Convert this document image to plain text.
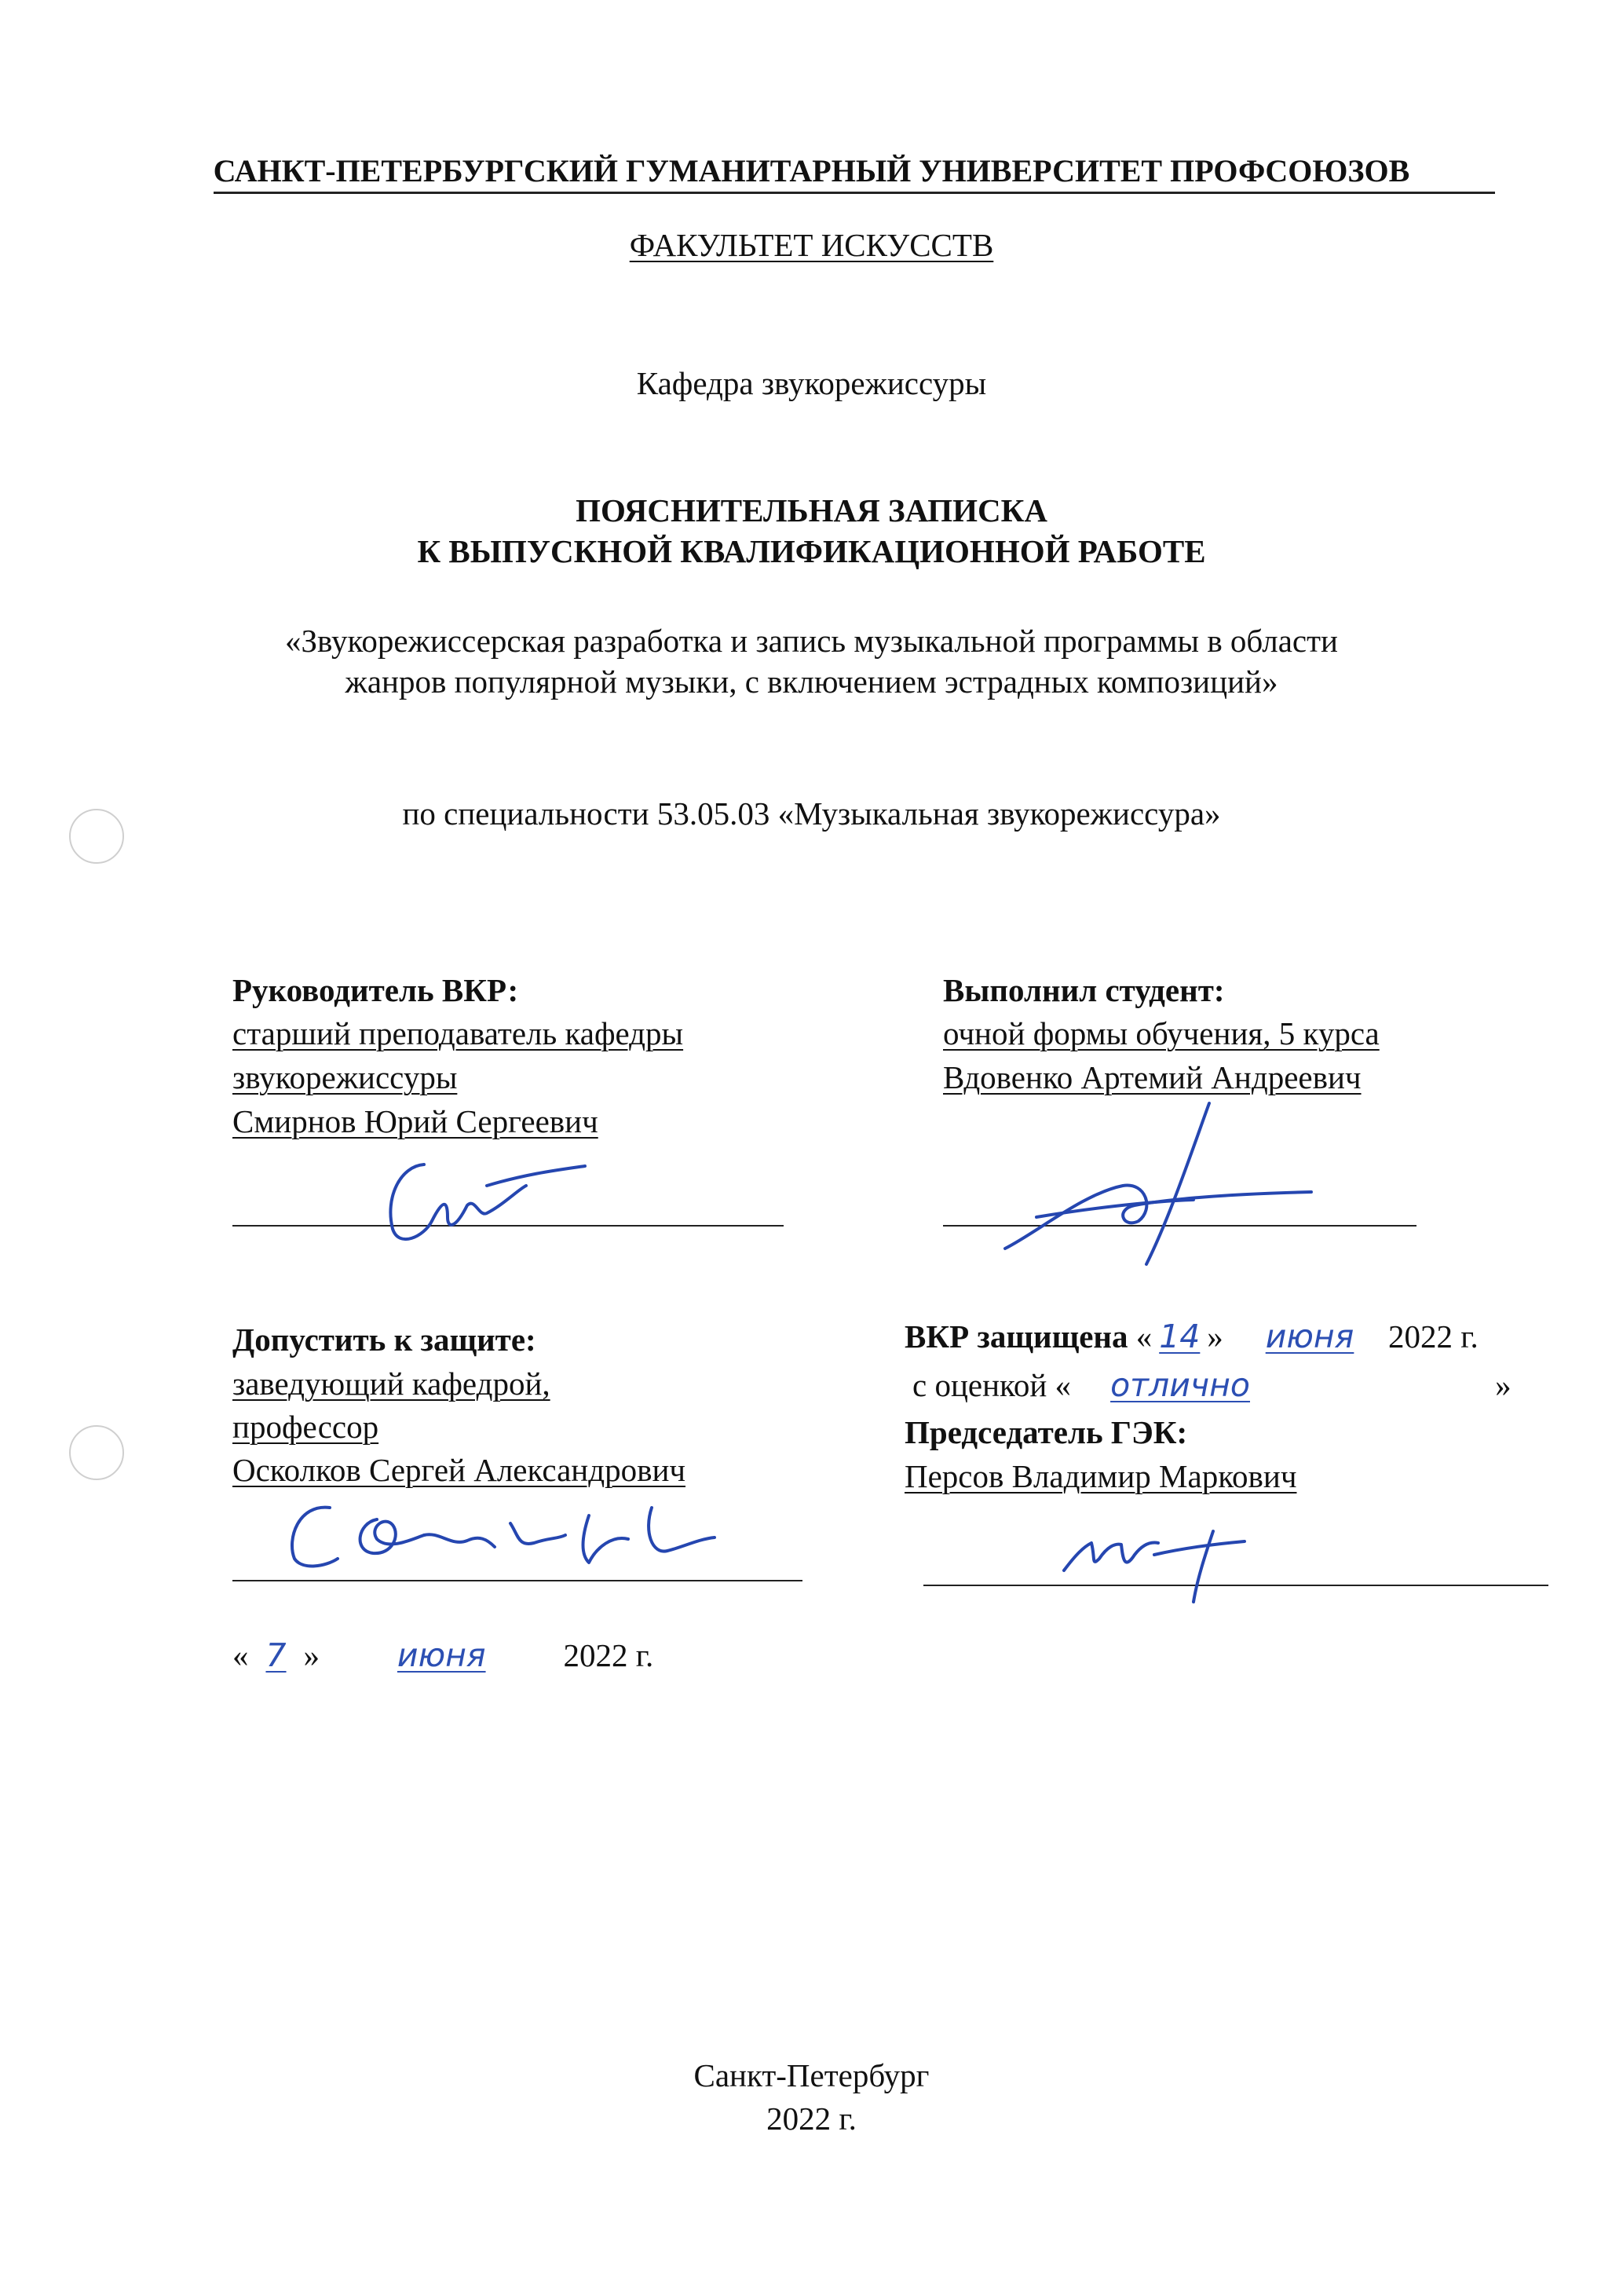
САНКТ-ПЕТЕРБУРГСКИЙ ГУМАНИТАРНЫЙ УНИВЕРСИТЕТ ПРОФСОЮЗОВ
ФАКУЛЬТЕТ ИСКУССТВ
Кафедра звукорежиссуры
ПОЯСНИТЕЛЬНАЯ ЗАПИСКА
К ВЫПУСКНОЙ КВАЛИФИКАЦИОННОЙ РАБОТЕ
«Звукорежиссерская разработка и запись музыкальной программы в области
жанров популярной музыки, с включением эстрадных композиций»
по специальности 53.05.03 «Музыкальная звукорежиссура»
Руководитель ВКР:
старший преподаватель кафедры
звукорежиссуры
Смирнов Юрий Сергеевич
Выполнил студент:
очной формы обучения, 5 курса
Вдовенко Артемий Андреевич
Допустить к защите:
заведующий кафедрой,
профессор
Осколков Сергей Александрович
« 7 » июня 2022 г.
ВКР защищена « 14 » июня 2022 г.
с оценкой « отлично	»
Председатель ГЭК:
Персов Владимир Маркович
Санкт-Петербург
2022 г.
